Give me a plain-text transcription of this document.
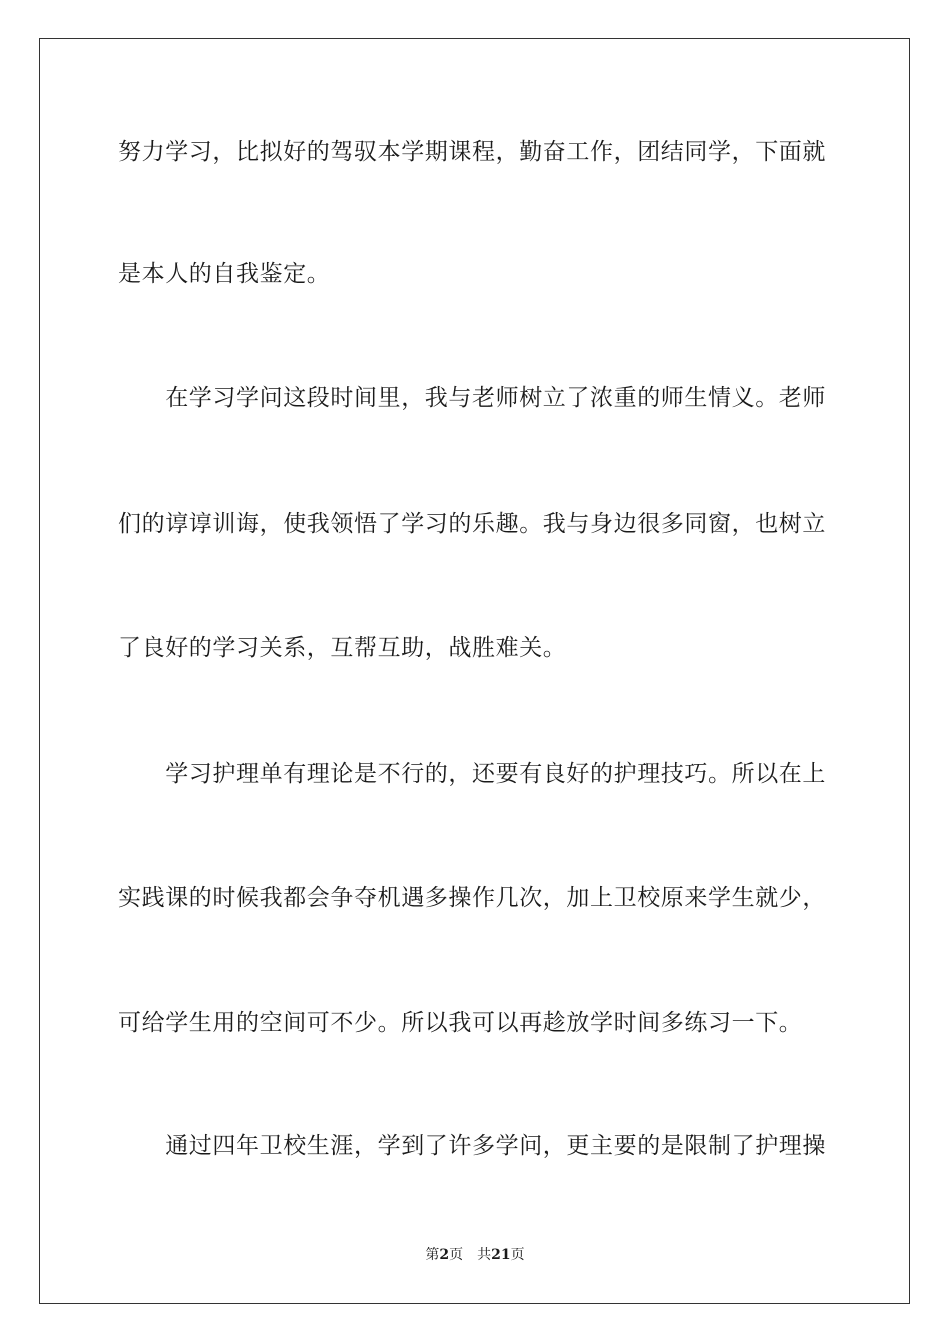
努力学习，比拟好的驾驭本学期课程，勤奋工作，团结同学，下面就
是本人的自我鉴定。
　　在学习学问这段时间里，我与老师树立了浓重的师生情义。老师
们的谆谆训诲，使我领悟了学习的乐趣。我与身边很多同窗，也树立
了良好的学习关系，互帮互助，战胜难关。
　　学习护理单有理论是不行的，还要有良好的护理技巧。所以在上
实践课的时候我都会争夺机遇多操作几次，加上卫校原来学生就少，
可给学生用的空间可不少。所以我可以再趁放学时间多练习一下。
　　通过四年卫校生涯，学到了许多学问，更主要的是限制了护理操
第2页 共21页
